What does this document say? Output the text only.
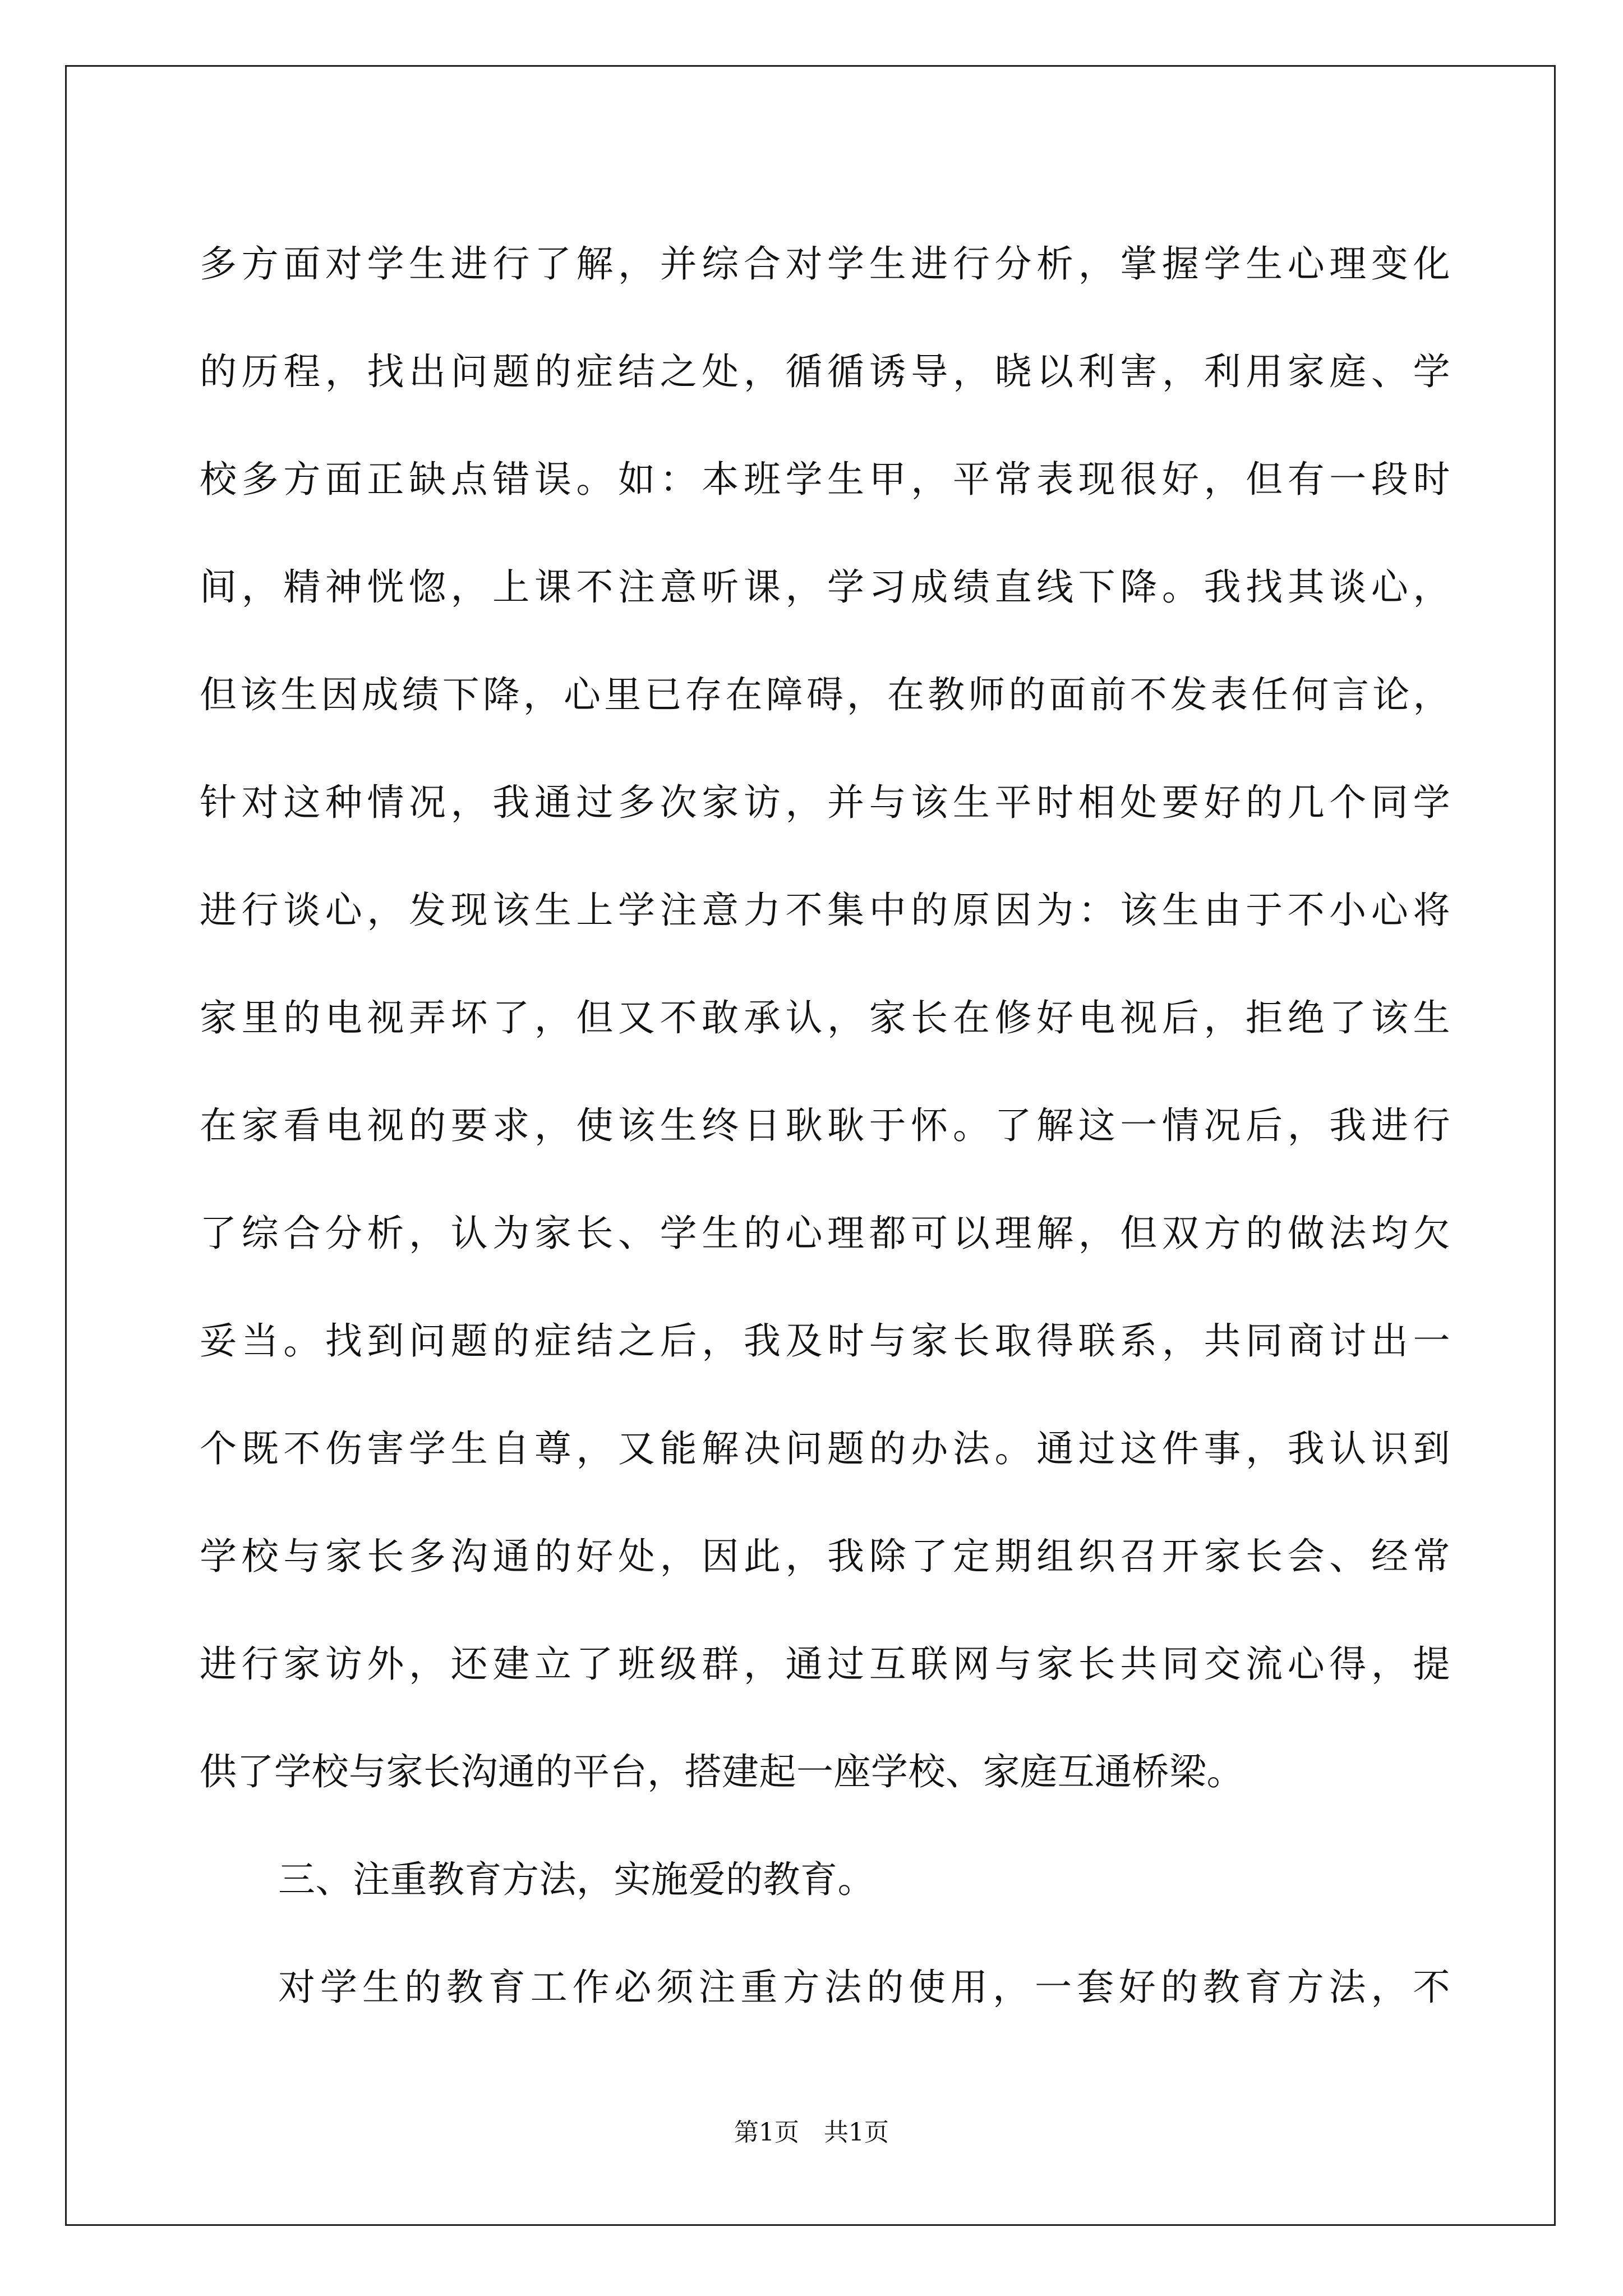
多方面对学生进行了解，并综合对学生进行分析，掌握学生心理变化
的历程，找出问题的症结之处，循循诱导，晓以利害，利用家庭、学
校多方面正缺点错误。如：本班学生甲，平常表现很好，但有一段时
间，精神恍惚，上课不注意听课，学习成绩直线下降。我找其谈心，
但该生因成绩下降，心里已存在障碍，在教师的面前不发表任何言论，
针对这种情况，我通过多次家访，并与该生平时相处要好的几个同学
进行谈心，发现该生上学注意力不集中的原因为：该生由于不小心将
家里的电视弄坏了，但又不敢承认，家长在修好电视后，拒绝了该生
在家看电视的要求，使该生终日耿耿于怀。了解这一情况后，我进行
了综合分析，认为家长、学生的心理都可以理解，但双方的做法均欠
妥当。找到问题的症结之后，我及时与家长取得联系，共同商讨出一
个既不伤害学生自尊，又能解决问题的办法。通过这件事，我认识到
学校与家长多沟通的好处，因此，我除了定期组织召开家长会、经常
进行家访外，还建立了班级群，通过互联网与家长共同交流心得，提
供了学校与家长沟通的平台，搭建起一座学校、家庭互通桥梁。
三、注重教育方法，实施爱的教育。
对学生的教育工作必须注重方法的使用，一套好的教育方法，不
第1页　共1页
